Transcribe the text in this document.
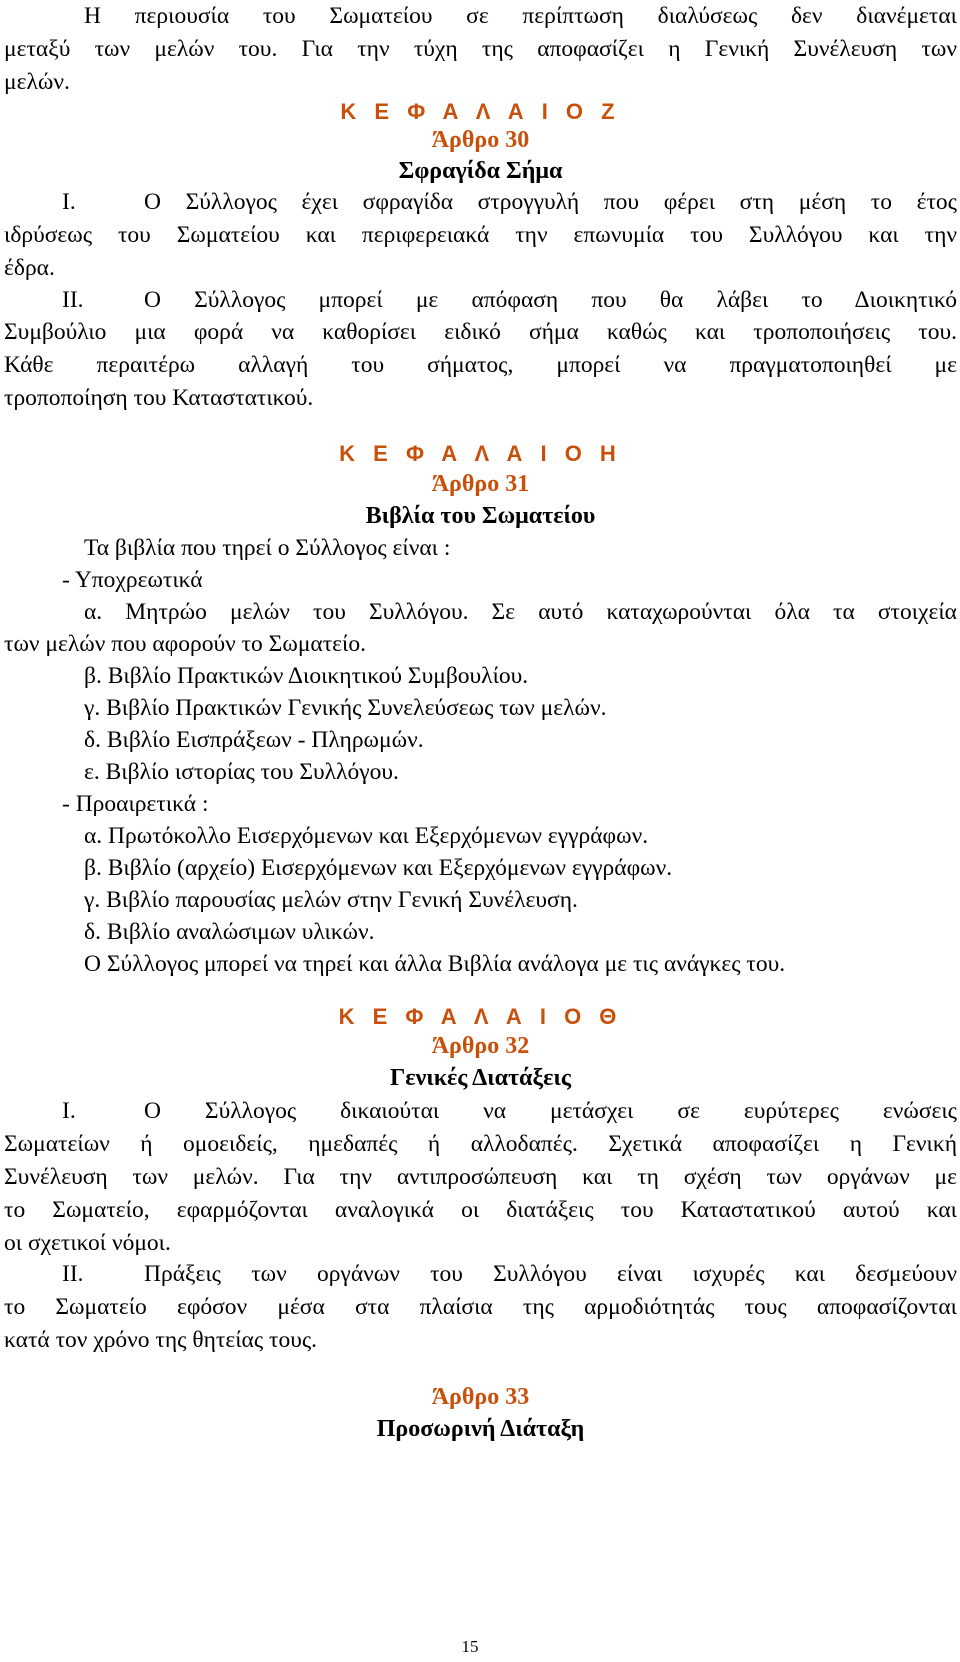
Η περιουσία του Σωματείου σε περίπτωση διαλύσεως δεν διανέμεται
μεταξύ των μελών του. Για την τύχη της αποφασίζει η Γενική Συνέλευση των
μελών.
Κ Ε Φ Α Λ Α Ι Ο Ζ
Άρθρο 30
Σφραγίδα Σήμα
Ι.	Ο Σύλλογος έχει σφραγίδα στρογγυλή που φέρει στη μέση το έτος
ιδρύσεως του Σωματείου και περιφερειακά την επωνυμία του Συλλόγου και την
έδρα.
ΙΙ.	Ο Σύλλογος μπορεί με απόφαση που θα λάβει το Διοικητικό
Συμβούλιο μια φορά να καθορίσει ειδικό σήμα καθώς και τροποποιήσεις του.
Κάθε περαιτέρω αλλαγή του σήματος, μπορεί να πραγματοποιηθεί με
τροποποίηση του Καταστατικού.
Κ Ε Φ Α Λ Α Ι Ο Η
Άρθρο 31
Βιβλία του Σωματείου
Τα βιβλία που τηρεί ο Σύλλογος είναι :
- Υποχρεωτικά
α. Μητρώο μελών του Συλλόγου. Σε αυτό καταχωρούνται όλα τα στοιχεία
των μελών που αφορούν το Σωματείο.
β. Βιβλίο Πρακτικών Διοικητικού Συμβουλίου.
γ. Βιβλίο Πρακτικών Γενικής Συνελεύσεως των μελών.
δ. Βιβλίο Εισπράξεων - Πληρωμών.
ε. Βιβλίο ιστορίας του Συλλόγου.
- Προαιρετικά :
α. Πρωτόκολλο Εισερχόμενων και Εξερχόμενων εγγράφων.
β. Βιβλίο (αρχείο) Εισερχόμενων και Εξερχόμενων εγγράφων.
γ. Βιβλίο παρουσίας μελών στην Γενική Συνέλευση.
δ. Βιβλίο αναλώσιμων υλικών.
Ο Σύλλογος μπορεί να τηρεί και άλλα Βιβλία ανάλογα με τις ανάγκες του.
Κ Ε Φ Α Λ Α Ι Ο Θ
Άρθρο 32
Γενικές Διατάξεις
Ι.	Ο Σύλλογος δικαιούται να μετάσχει σε ευρύτερες ενώσεις
Σωματείων ή ομοειδείς, ημεδαπές ή αλλοδαπές. Σχετικά αποφασίζει η Γενική
Συνέλευση των μελών. Για την αντιπροσώπευση και τη σχέση των οργάνων με
το Σωματείο, εφαρμόζονται αναλογικά οι διατάξεις του Καταστατικού αυτού και
οι σχετικοί νόμοι.
ΙΙ.	Πράξεις των οργάνων του Συλλόγου είναι ισχυρές και δεσμεύουν
το Σωματείο εφόσον μέσα στα πλαίσια της αρμοδιότητάς τους αποφασίζονται
κατά τον χρόνο της θητείας τους.
Άρθρο 33
Προσωρινή Διάταξη
15
